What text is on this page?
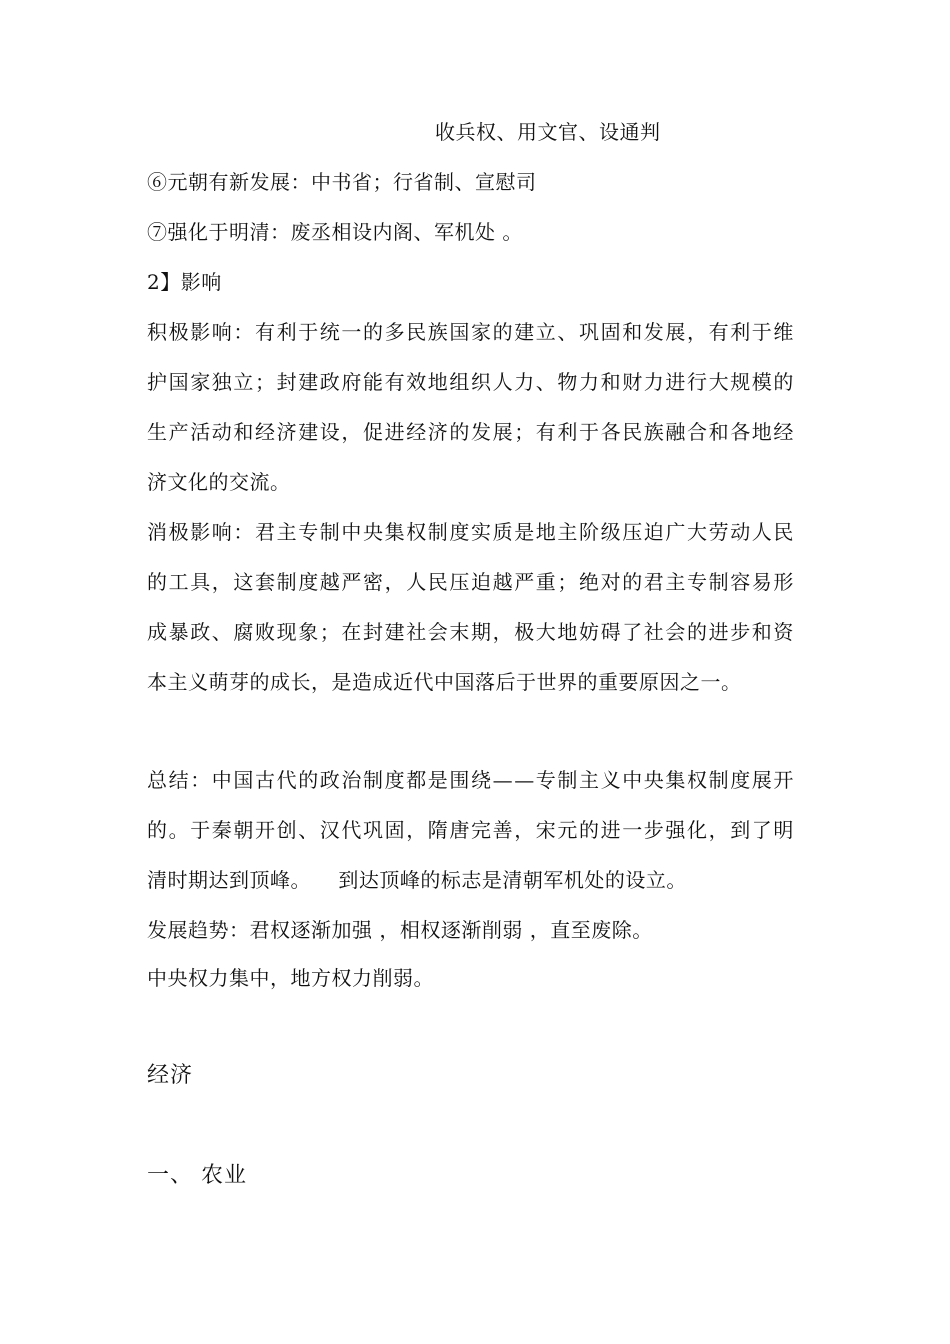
收兵权、用文官、设通判
⑥元朝有新发展：中书省；行省制、宣慰司
⑦强化于明清：废丞相设内阁、军机处 。
2】影响
积极影响：有利于统一的多民族国家的建立、巩固和发展，有利于维
护国家独立；封建政府能有效地组织人力、物力和财力进行大规模的
生产活动和经济建设，促进经济的发展；有利于各民族融合和各地经
济文化的交流。
消极影响：君主专制中央集权制度实质是地主阶级压迫广大劳动人民
的工具，这套制度越严密，人民压迫越严重；绝对的君主专制容易形
成暴政、腐败现象；在封建社会末期，极大地妨碍了社会的进步和资
本主义萌芽的成长，是造成近代中国落后于世界的重要原因之一。
总结：中国古代的政治制度都是围绕——专制主义中央集权制度展开
的。于秦朝开创、汉代巩固，隋唐完善，宋元的进一步强化，到了明
清时期达到顶峰。    到达顶峰的标志是清朝军机处的设立。
发展趋势：君权逐渐加强 ，相权逐渐削弱 ，直至废除。
中央权力集中，地方权力削弱。
经济
一、 农业
